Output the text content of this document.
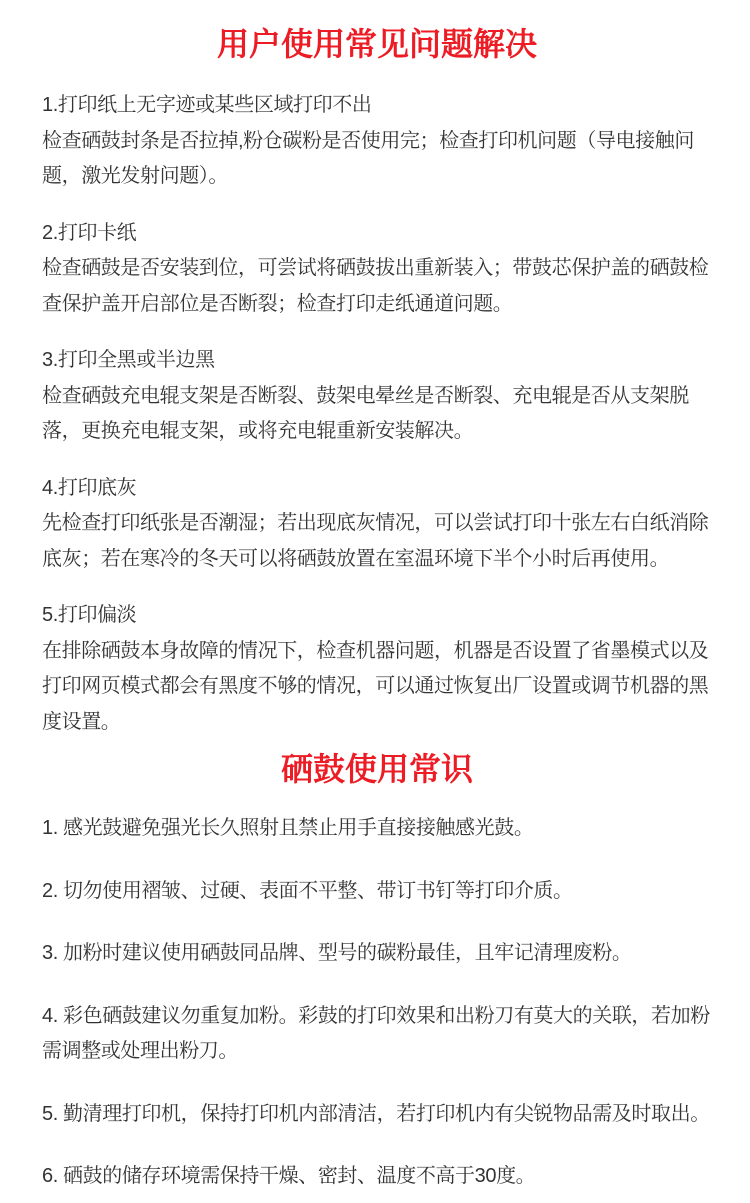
用户使用常见问题解决
1.打印纸上无字迹或某些区域打印不出
检查硒鼓封条是否拉掉,粉仓碳粉是否使用完；检查打印机问题（导电接触问题，激光发射问题）。
2.打印卡纸
检查硒鼓是否安装到位，可尝试将硒鼓拔出重新装入；带鼓芯保护盖的硒鼓检查保护盖开启部位是否断裂；检查打印走纸通道问题。
3.打印全黑或半边黑
检查硒鼓充电辊支架是否断裂、鼓架电晕丝是否断裂、充电辊是否从支架脱落，更换充电辊支架，或将充电辊重新安装解决。
4.打印底灰
先检查打印纸张是否潮湿；若出现底灰情况，可以尝试打印十张左右白纸消除底灰；若在寒冷的冬天可以将硒鼓放置在室温环境下半个小时后再使用。
5.打印偏淡
在排除硒鼓本身故障的情况下，检查机器问题，机器是否设置了省墨模式以及打印网页模式都会有黑度不够的情况，可以通过恢复出厂设置或调节机器的黑度设置。
硒鼓使用常识
1. 感光鼓避免强光长久照射且禁止用手直接接触感光鼓。
2. 切勿使用褶皱、过硬、表面不平整、带订书钉等打印介质。
3. 加粉时建议使用硒鼓同品牌、型号的碳粉最佳，且牢记清理废粉。
4. 彩色硒鼓建议勿重复加粉。彩鼓的打印效果和出粉刀有莫大的关联，若加粉需调整或处理出粉刀。
5. 勤清理打印机，保持打印机内部清洁，若打印机内有尖锐物品需及时取出。
6. 硒鼓的储存环境需保持干燥、密封、温度不高于30度。
